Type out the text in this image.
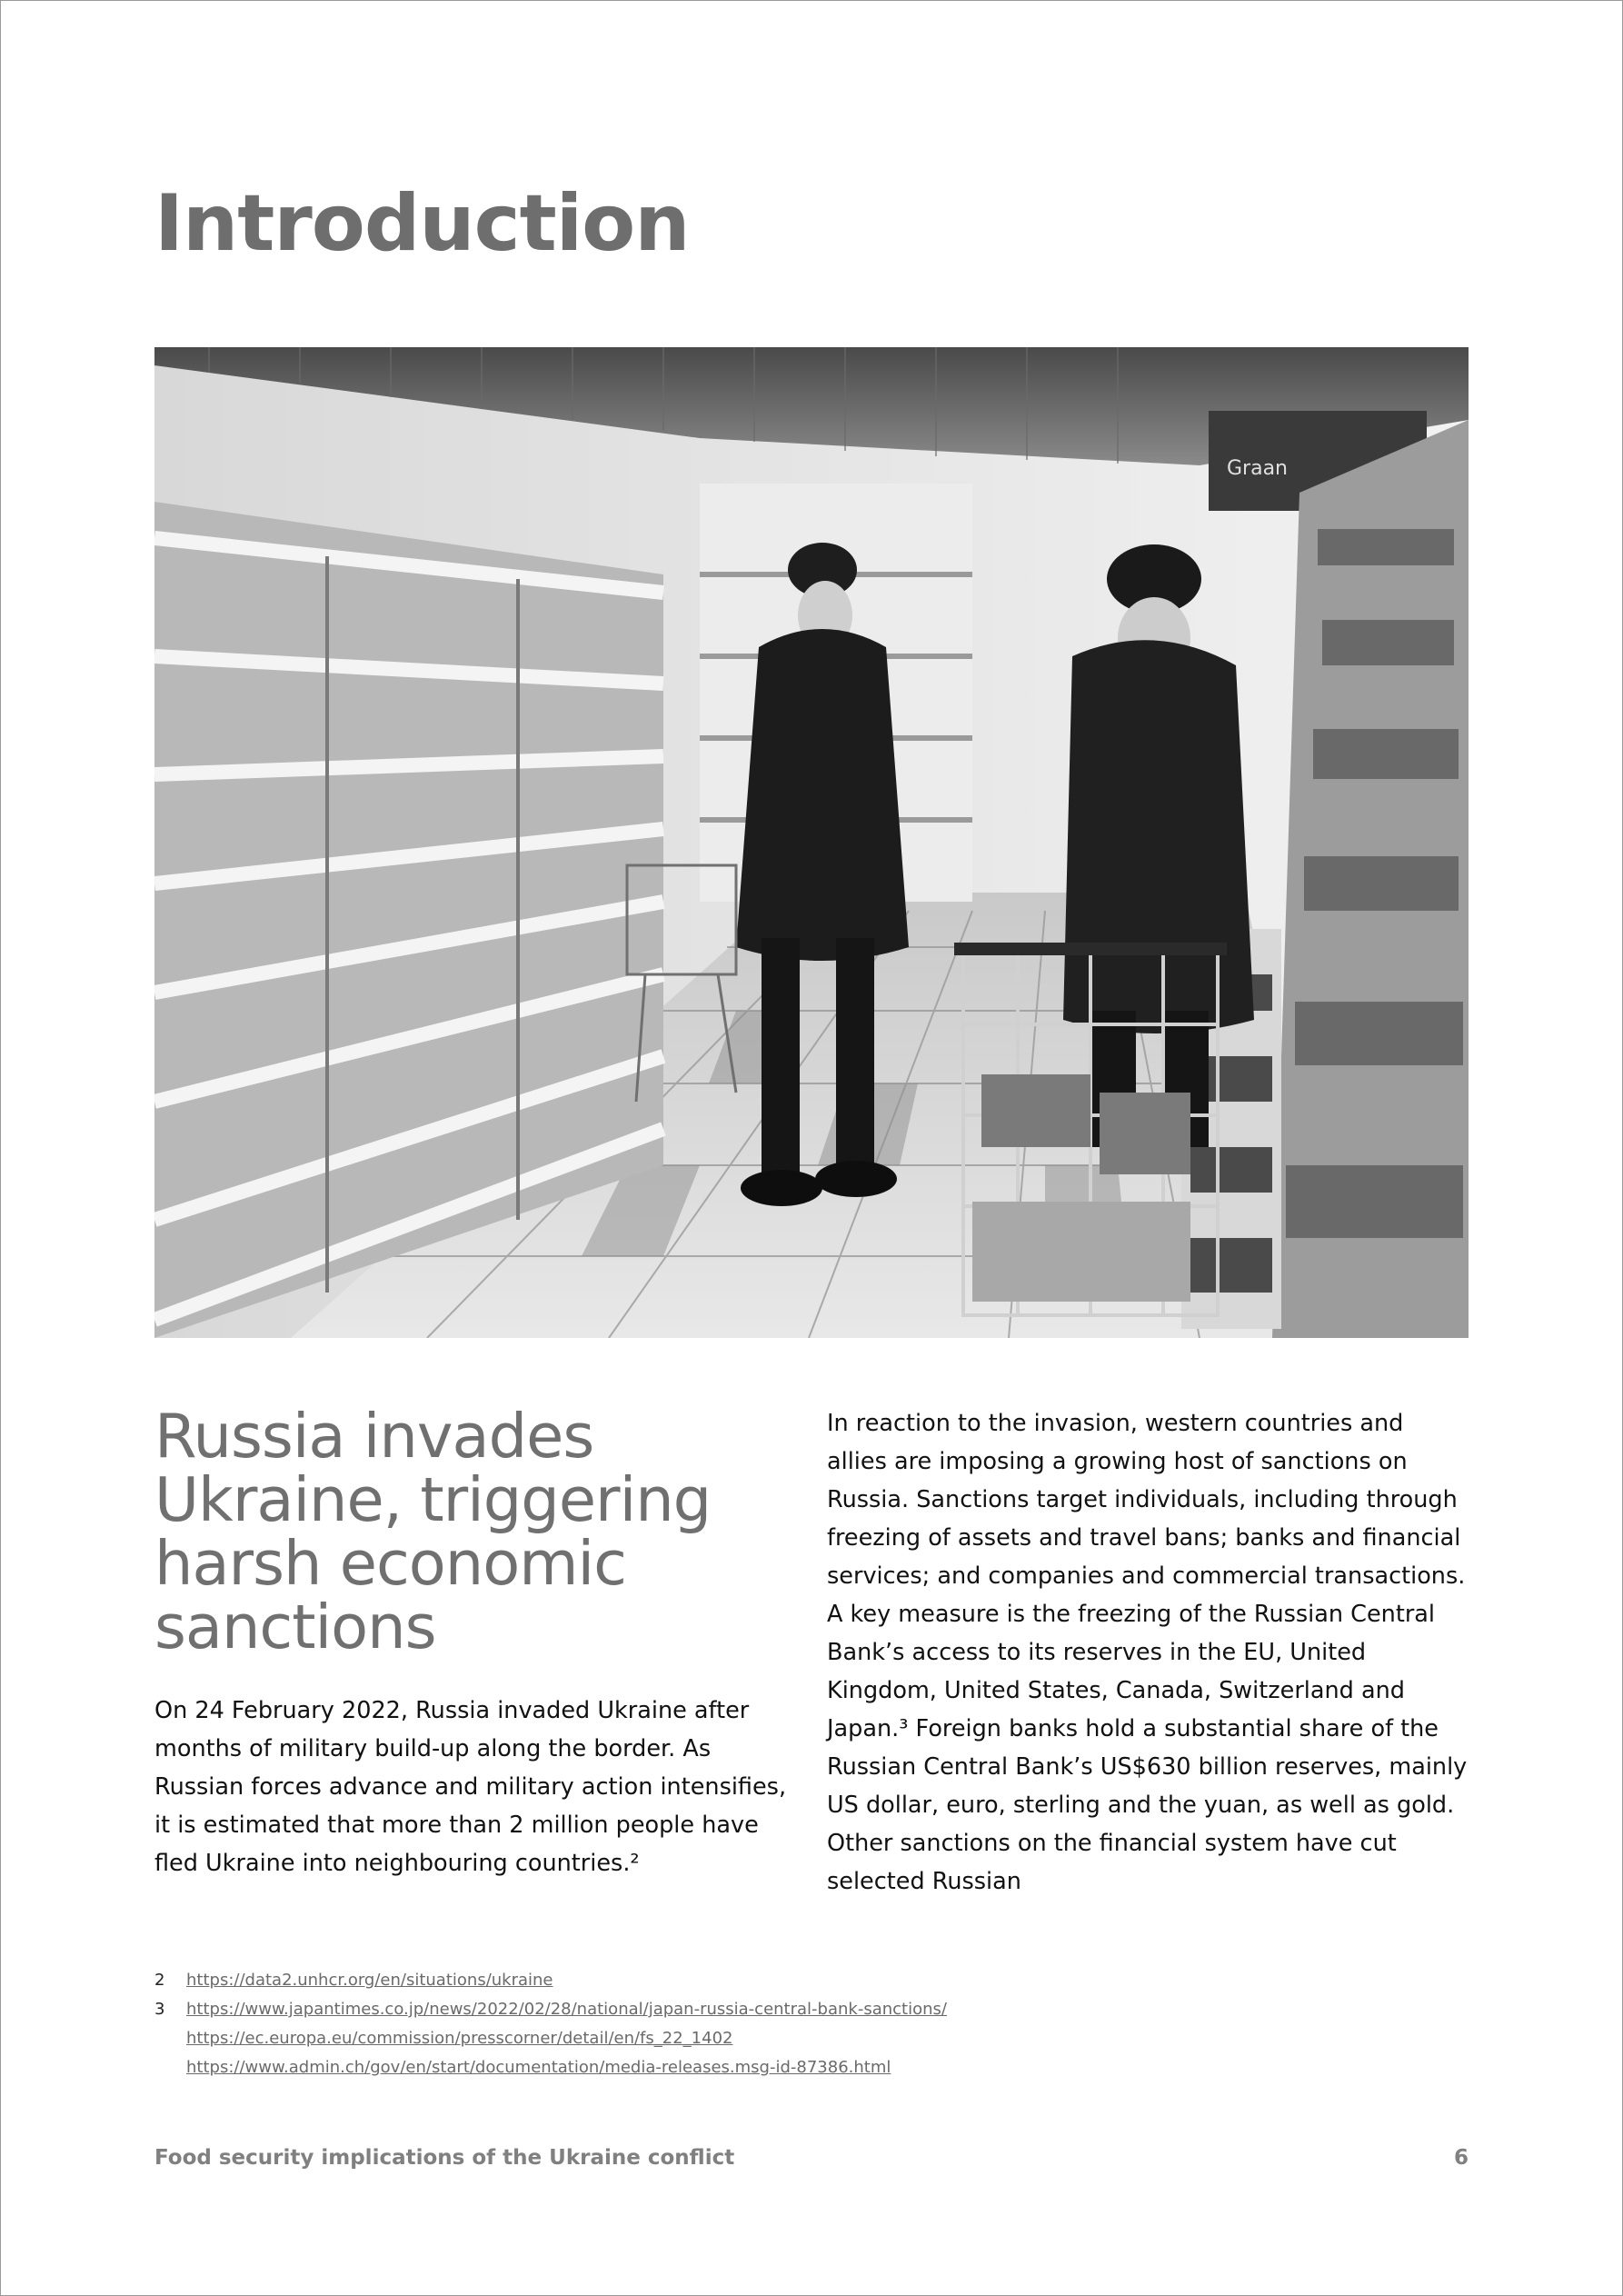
Introduction
Graan
Russia invades Ukraine, triggering harsh economic sanctions

On 24 February 2022, Russia invaded Ukraine after months of military build-up along the border. As Russian forces advance and military action intensifies, it is estimated that more than 2 million people have fled Ukraine into neighbouring countries.²

In reaction to the invasion, western countries and allies are imposing a growing host of sanctions on Russia. Sanctions target individuals, including through freezing of assets and travel bans; banks and financial services; and companies and commercial transactions. A key measure is the freezing of the Russian Central Bank’s access to its reserves in the EU, United Kingdom, United States, Canada, Switzerland and Japan.³ Foreign banks hold a substantial share of the Russian Central Bank’s US$630 billion reserves, mainly US dollar, euro, sterling and the yuan, as well as gold. Other sanctions on the financial system have cut selected Russian

2	https://data2.unhcr.org/en/situations/ukraine
3	https://www.japantimes.co.jp/news/2022/02/28/national/japan-russia-central-bank-sanctions/
https://ec.europa.eu/commission/presscorner/detail/en/fs_22_1402
https://www.admin.ch/gov/en/start/documentation/media-releases.msg-id-87386.html
Food security implications of the Ukraine conflict	6
